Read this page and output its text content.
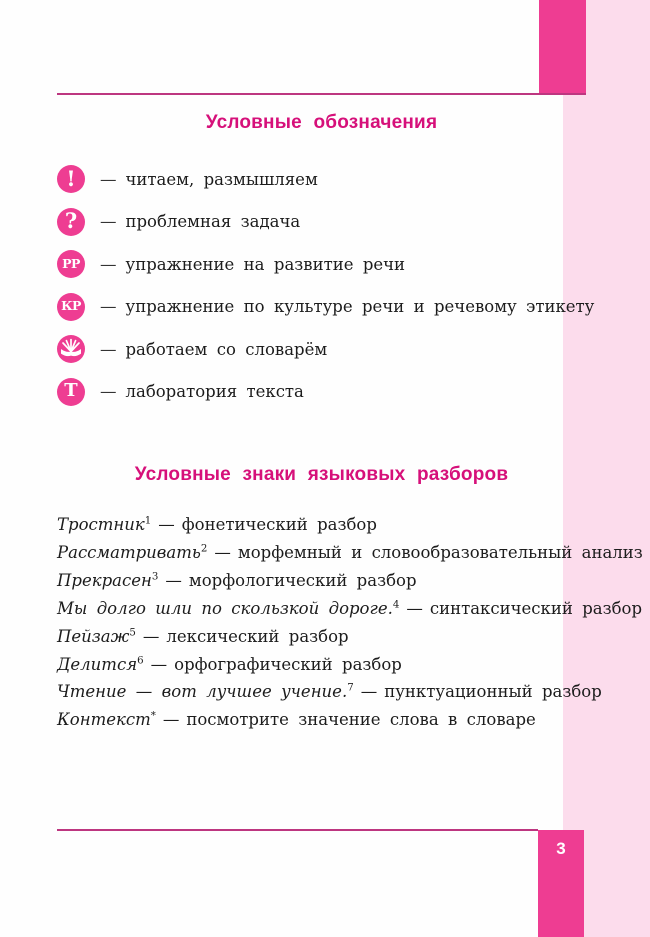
Условные обозначения
! — читаем, размышляем
? — проблемная задача
РР — упражнение на развитие речи
КР — упражнение по культуре речи и речевому этикету
— работаем со словарём
Т — лаборатория текста
Условные знаки языковых разборов
Тростник$^1$ — фонетический разбор
Рассматривать$^2$ — морфемный и словообразовательный анализ
Прекрасен$^3$ — морфологический разбор
Мы долго шли по скользкой дороге.$^4$ — синтаксический разбор
Пейзаж$^5$ — лексический разбор
Делится$^6$ — орфографический разбор
Чтение — вот лучшее учение.$^7$ — пунктуационный разбор
Контекст* — посмотрите значение слова в словаре
3
